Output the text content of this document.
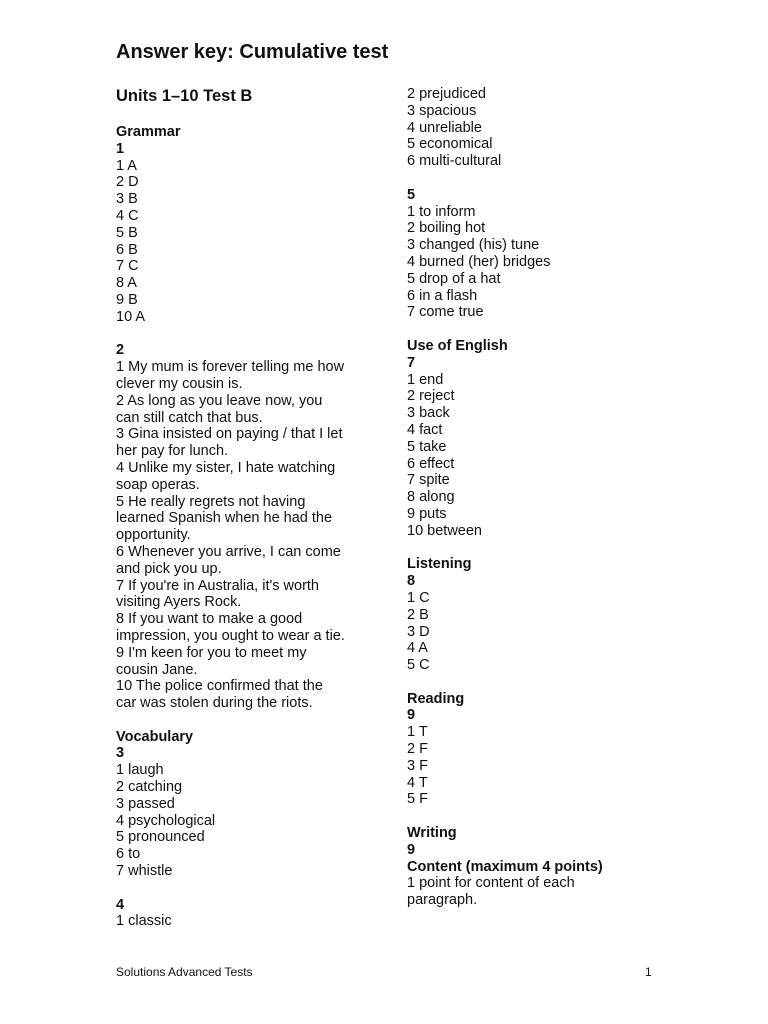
Answer key: Cumulative test
Units 1–10 Test B
Grammar
1
1 A
2 D
3 B
4 C
5 B
6 B
7 C
8 A
9 B
10 A
2
1 My mum is forever telling me how
clever my cousin is.
2 As long as you leave now, you
can still catch that bus.
3 Gina insisted on paying / that I let
her pay for lunch.
4 Unlike my sister, I hate watching
soap operas.
5 He really regrets not having
learned Spanish when he had the
opportunity.
6 Whenever you arrive, I can come
and pick you up.
7 If you're in Australia, it's worth
visiting Ayers Rock.
8 If you want to make a good
impression, you ought to wear a tie.
9 I'm keen for you to meet my
cousin Jane.
10 The police confirmed that the
car was stolen during the riots.
Vocabulary
3
1 laugh
2 catching
3 passed
4 psychological
5 pronounced
6 to
7 whistle
4
1 classic
2 prejudiced
3 spacious
4 unreliable
5 economical
6 multi-cultural
5
1 to inform
2 boiling hot
3 changed (his) tune
4 burned (her) bridges
5 drop of a hat
6 in a flash
7 come true
Use of English
7
1 end
2 reject
3 back
4 fact
5 take
6 effect
7 spite
8 along
9 puts
10 between
Listening
8
1 C
2 B
3 D
4 A
5 C
Reading
9
1 T
2 F
3 F
4 T
5 F
Writing
9
Content (maximum 4 points)
1 point for content of each
paragraph.
Solutions Advanced Tests	1
